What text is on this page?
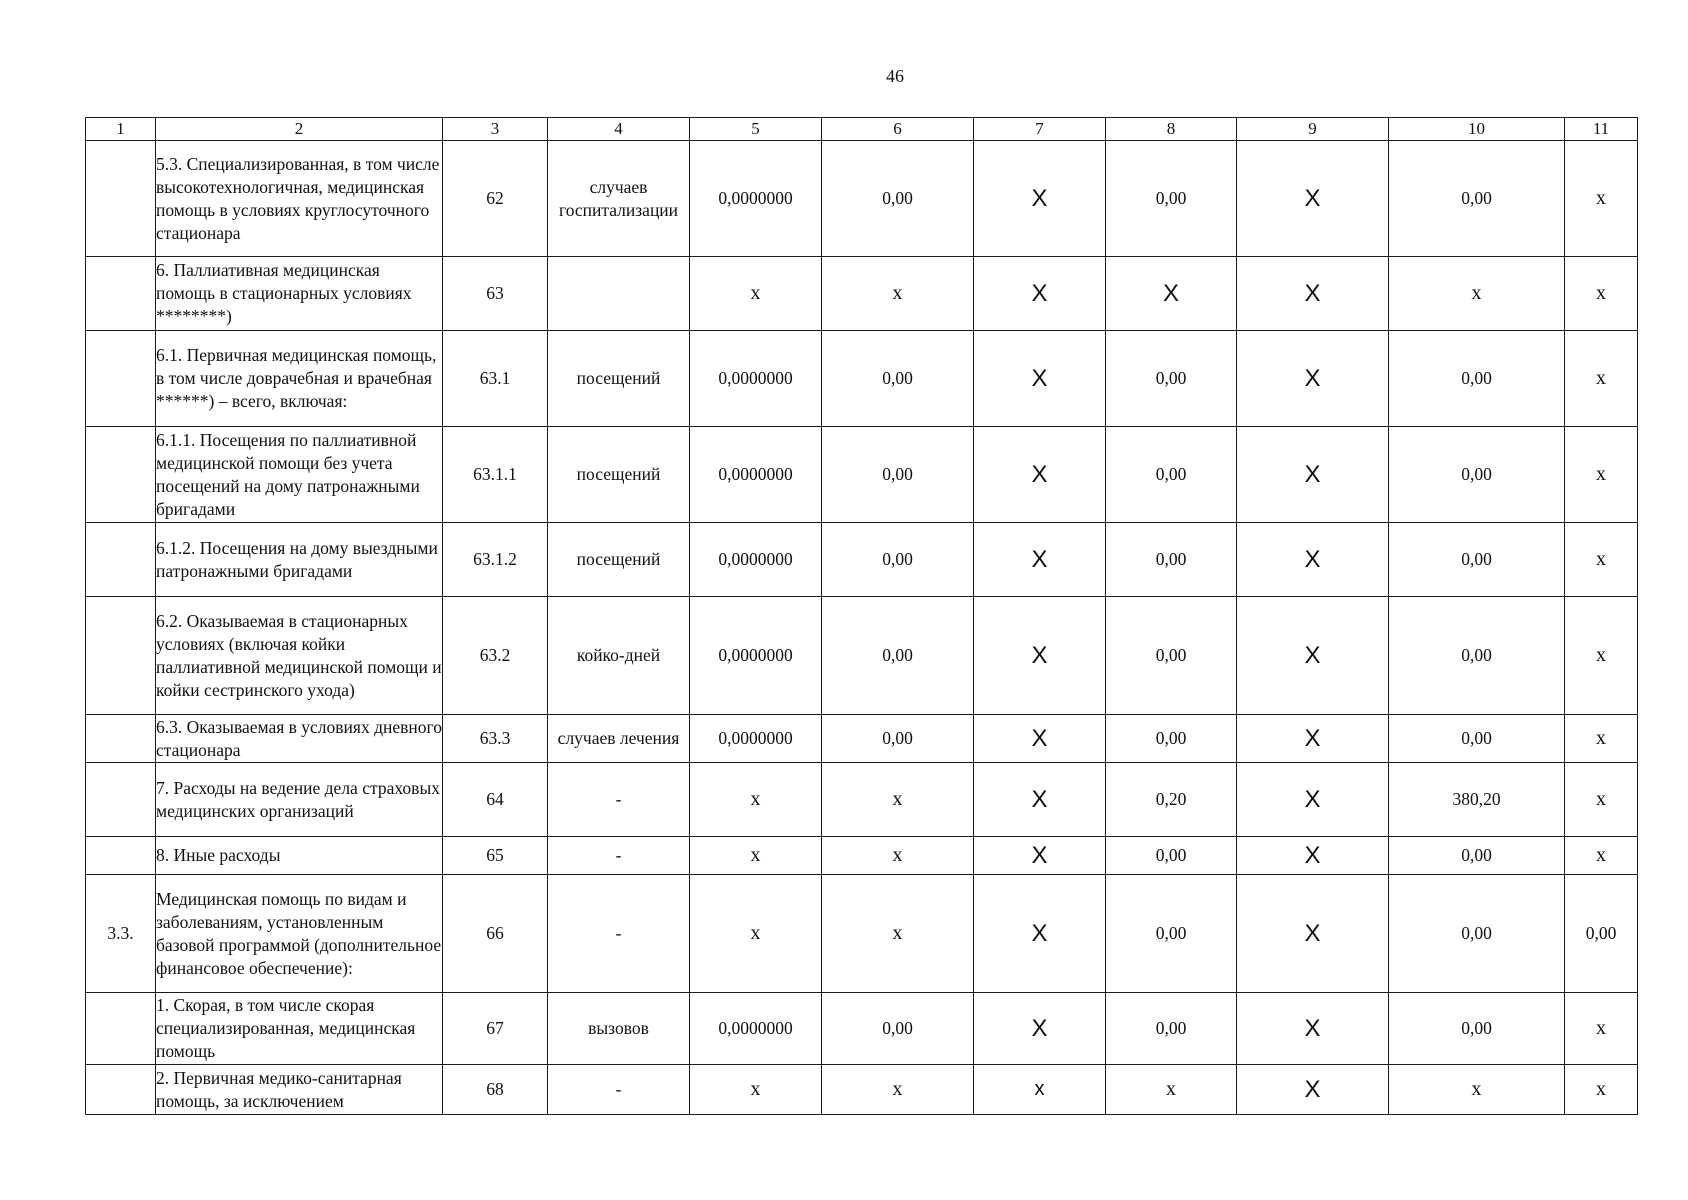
46
1	2	3	4	5	6	7	8	9	10	11
	5.3. Специализированная, в том числе высокотехнологичная, медицинская помощь в условиях круглосуточного стационара	62	случаев госпитализации	0,0000000	0,00	X	0,00	X	0,00	x
	6. Паллиативная медицинская помощь в стационарных условиях ********)	63		x	x	X	X	X	x	x
	6.1. Первичная медицинская помощь, в том числе доврачебная и врачебная ******) – всего, включая:	63.1	посещений	0,0000000	0,00	X	0,00	X	0,00	x
	6.1.1. Посещения по паллиативной медицинской помощи без учета посещений на дому патронажными бригадами	63.1.1	посещений	0,0000000	0,00	X	0,00	X	0,00	x
	6.1.2. Посещения на дому выездными патронажными бригадами	63.1.2	посещений	0,0000000	0,00	X	0,00	X	0,00	x
	6.2. Оказываемая в стационарных условиях (включая койки паллиативной медицинской помощи и койки сестринского ухода)	63.2	койко-дней	0,0000000	0,00	X	0,00	X	0,00	x
	6.3. Оказываемая в условиях дневного стационара	63.3	случаев лечения	0,0000000	0,00	X	0,00	X	0,00	x
	7. Расходы на ведение дела страховых медицинских организаций	64	-	x	x	X	0,20	X	380,20	x
	8. Иные расходы	65	-	x	x	X	0,00	X	0,00	x
3.3.	Медицинская помощь по видам и заболеваниям, установленным базовой программой (дополнительное финансовое обеспечение):	66	-	x	x	X	0,00	X	0,00	0,00
	1. Скорая, в том числе скорая специализированная, медицинская помощь	67	вызовов	0,0000000	0,00	X	0,00	X	0,00	x
	2. Первичная медико-санитарная помощь, за исключением	68	-	x	x	x	x	X	x	x
